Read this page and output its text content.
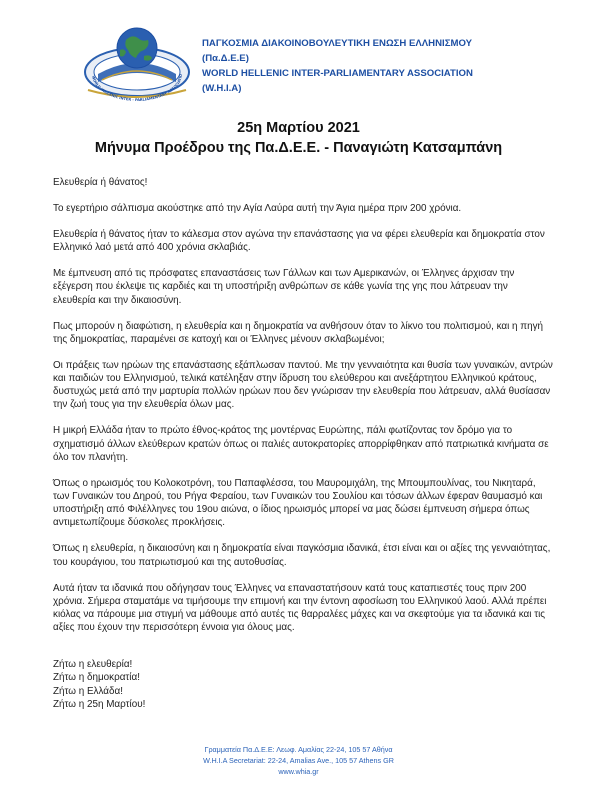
WORLD HELLENIC INTER - PARLIAMENTARY ASSOCIATIO
ΠΑΓΚΟΣΜΙΑ ΔΙΑΚΟΙΝΟΒΟΥΛΕΥΤΙΚΗ ΕΝΩΣΗ ΕΛΛΗΝΙΣΜΟΥ
(Πα.Δ.Ε.Ε)
WORLD HELLENIC INTER-PARLIAMENTARY ASSOCIATION
(W.H.I.A)
25η Μαρτίου 2021
Μήνυμα Προέδρου της Πα.Δ.Ε.Ε. - Παναγιώτη Κατσαμπάνη

Ελευθερία ή θάνατος!

Το εγερτήριο σάλπισμα ακούστηκε από την Αγία Λαύρα αυτή την Άγια ημέρα πριν 200 χρόνια.

Ελευθερία ή θάνατος ήταν το κάλεσμα στον αγώνα την επανάστασης για να φέρει ελευθερία και δημοκρατία στον Ελληνικό λαό μετά από 400 χρόνια σκλαβιάς.

Με έμπνευση από τις πρόσφατες επαναστάσεις των Γάλλων και των Αμερικανών, οι Έλληνες άρχισαν την εξέγερση που έκλεψε τις καρδιές και τη υποστήριξη ανθρώπων σε κάθε γωνία της γης που λάτρευαν την ελευθερία και την δικαιοσύνη.

Πως μπορούν η διαφώτιση, η ελευθερία και η δημοκρατία να ανθήσουν όταν το λίκνο του πολιτισμού, και η πηγή της δημοκρατίας, παραμένει σε κατοχή και οι Έλληνες μένουν σκλαβωμένοι;

Οι πράξεις των ηρώων της επανάστασης εξάπλωσαν παντού. Με την γενναιότητα και θυσία των γυναικών, αντρών και παιδιών του Ελληνισμού, τελικά κατέληξαν στην ίδρυση του ελεύθερου και ανεξάρτητου Ελληνικού κράτους, δυστυχώς μετά από την μαρτυρία πολλών ηρώων που δεν γνώρισαν την ελευθερία που λάτρευαν, αλλά θυσίασαν την ζωή τους για την ελευθερία όλων μας.

Η μικρή Ελλάδα ήταν το πρώτο έθνος-κράτος της μοντέρνας Ευρώπης, πάλι φωτίζοντας τον δρόμο για το σχηματισμό άλλων ελεύθερων κρατών όπως οι παλιές αυτοκρατορίες απορρίφθηκαν από πατριωτικά κινήματα σε όλο τον πλανήτη.

Όπως ο ηρωισμός του Κολοκοτρόνη, του Παπαφλέσσα, του Μαυρομιχάλη, της Μπουμπουλίνας, του Νικηταρά, των Γυναικών του Δηρού, του Ρήγα Φεραίου, των Γυναικών του Σουλίου και τόσων άλλων έφεραν θαυμασμό και υποστήριξη από Φιλέλληνες του 19ου αιώνα, ο ίδιος ηρωισμός μπορεί να μας δώσει έμπνευση σήμερα όπως αντιμετωπίζουμε δύσκολες προκλήσεις.

Όπως η ελευθερία, η δικαιοσύνη και η δημοκρατία είναι παγκόσμια ιδανικά, έτσι είναι και οι αξίες της γενναιότητας, του κουράγιου, του πατριωτισμού και της αυτοθυσίας.

Αυτά ήταν τα ιδανικά που οδήγησαν τους Έλληνες να επαναστατήσουν κατά τους καταπιεστές τους πριν 200 χρόνια. Σήμερα σταματάμε να τιμήσουμε την επιμονή και την έντονη αφοσίωση του Ελληνικού λαού. Αλλά πρέπει κιόλας να πάρουμε μια στιγμή να μάθουμε από αυτές τις θαρραλέες μάχες και να σκεφτούμε για τα ιδανικά και τις αξίες που έχουν την περισσότερη έννοια για όλους μας.

Ζήτω η ελευθερία!
Ζήτω η δημοκρατία!
Ζήτω η Ελλάδα!
Ζήτω η 25η Μαρτίου!
Γραμματεία Πα.Δ.Ε.Ε: Λεωφ. Αμαλίας 22-24, 105 57 Αθήνα
W.H.I.A Secretariat: 22-24, Amalias Ave., 105 57 Athens GR
www.whia.gr
